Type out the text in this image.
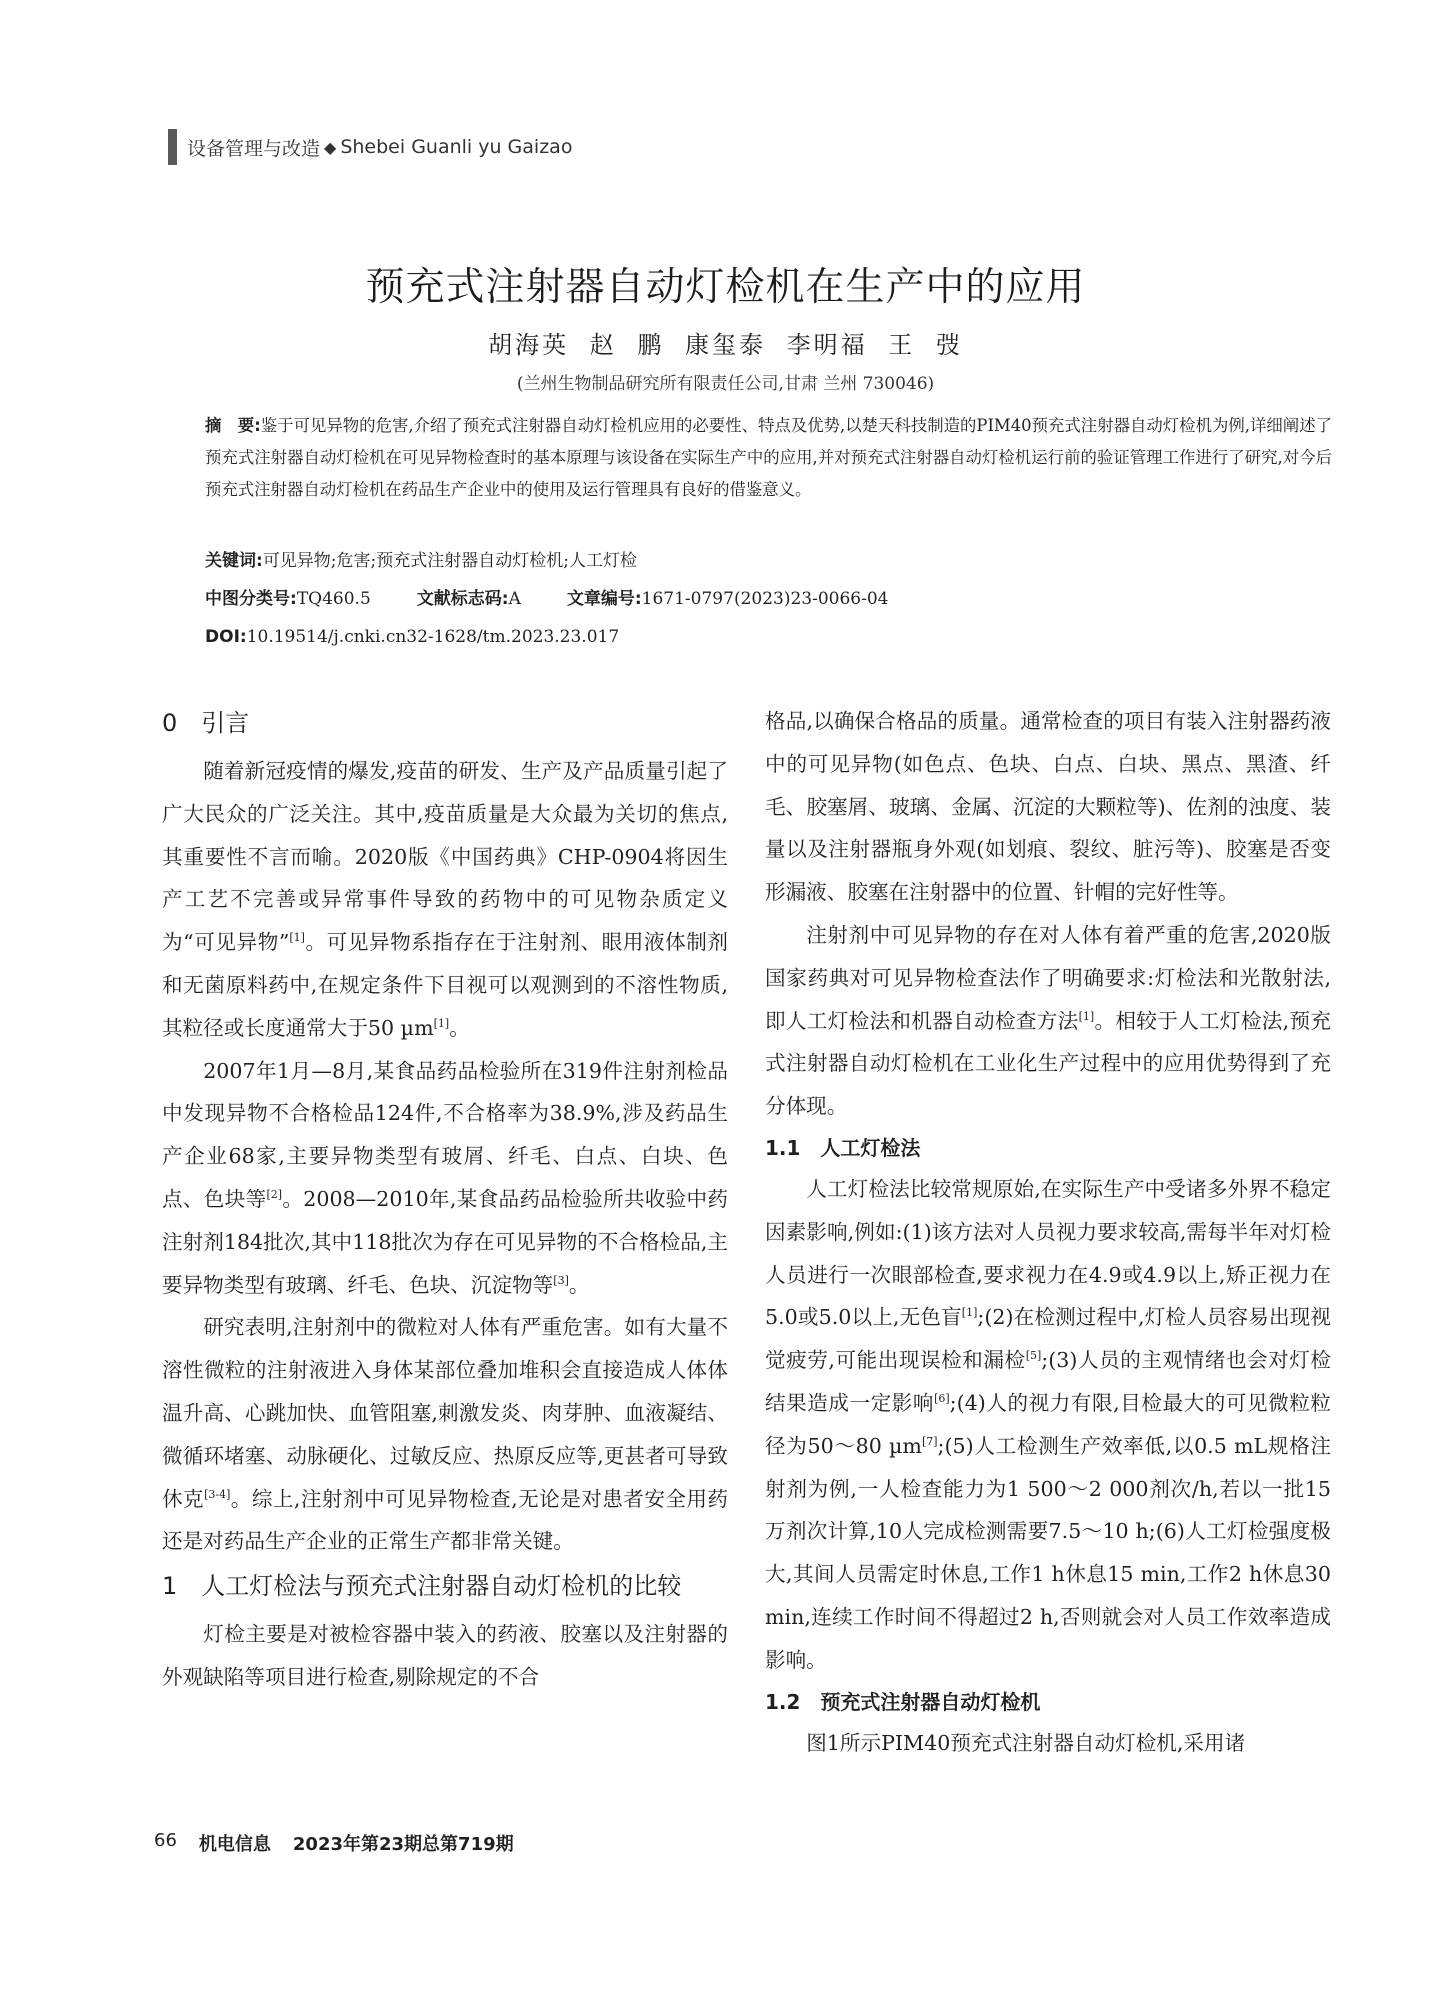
设备管理与改造 ◆ Shebei Guanli yu Gaizao
预充式注射器自动灯检机在生产中的应用
胡海英 赵 鹏 康玺泰 李明福 王 弢
(兰州生物制品研究所有限责任公司,甘肃 兰州 730046)
摘　要:鉴于可见异物的危害,介绍了预充式注射器自动灯检机应用的必要性、特点及优势,以楚天科技制造的PIM40预充式注射器自动灯检机为例,详细阐述了预充式注射器自动灯检机在可见异物检查时的基本原理与该设备在实际生产中的应用,并对预充式注射器自动灯检机运行前的验证管理工作进行了研究,对今后预充式注射器自动灯检机在药品生产企业中的使用及运行管理具有良好的借鉴意义。
关键词:可见异物;危害;预充式注射器自动灯检机;人工灯检
中图分类号:TQ460.5	文献标志码:A	文章编号:1671-0797(2023)23-0066-04
DOI:10.19514/j.cnki.cn32-1628/tm.2023.23.017
0　引言

随着新冠疫情的爆发,疫苗的研发、生产及产品质量引起了广大民众的广泛关注。其中,疫苗质量是大众最为关切的焦点,其重要性不言而喻。2020版《中国药典》CHP-0904将因生产工艺不完善或异常事件导致的药物中的可见物杂质定义为“可见异物”[1]。可见异物系指存在于注射剂、眼用液体制剂和无菌原料药中,在规定条件下目视可以观测到的不溶性物质,其粒径或长度通常大于50 µm[1]。

2007年1月—8月,某食品药品检验所在319件注射剂检品中发现异物不合格检品124件,不合格率为38.9%,涉及药品生产企业68家,主要异物类型有玻屑、纤毛、白点、白块、色点、色块等[2]。2008—2010年,某食品药品检验所共收验中药注射剂184批次,其中118批次为存在可见异物的不合格检品,主要异物类型有玻璃、纤毛、色块、沉淀物等[3]。

研究表明,注射剂中的微粒对人体有严重危害。如有大量不溶性微粒的注射液进入身体某部位叠加堆积会直接造成人体体温升高、心跳加快、血管阻塞,刺激发炎、肉芽肿、血液凝结、微循环堵塞、动脉硬化、过敏反应、热原反应等,更甚者可导致休克[3-4]。综上,注射剂中可见异物检查,无论是对患者安全用药还是对药品生产企业的正常生产都非常关键。

1　人工灯检法与预充式注射器自动灯检机的比较

灯检主要是对被检容器中装入的药液、胶塞以及注射器的外观缺陷等项目进行检查,剔除规定的不合

格品,以确保合格品的质量。通常检查的项目有装入注射器药液中的可见异物(如色点、色块、白点、白块、黑点、黑渣、纤毛、胶塞屑、玻璃、金属、沉淀的大颗粒等)、佐剂的浊度、装量以及注射器瓶身外观(如划痕、裂纹、脏污等)、胶塞是否变形漏液、胶塞在注射器中的位置、针帽的完好性等。

注射剂中可见异物的存在对人体有着严重的危害,2020版国家药典对可见异物检查法作了明确要求:灯检法和光散射法,即人工灯检法和机器自动检查方法[1]。相较于人工灯检法,预充式注射器自动灯检机在工业化生产过程中的应用优势得到了充分体现。

1.1　人工灯检法

人工灯检法比较常规原始,在实际生产中受诸多外界不稳定因素影响,例如:(1)该方法对人员视力要求较高,需每半年对灯检人员进行一次眼部检查,要求视力在4.9或4.9以上,矫正视力在5.0或5.0以上,无色盲[1];(2)在检测过程中,灯检人员容易出现视觉疲劳,可能出现误检和漏检[5];(3)人员的主观情绪也会对灯检结果造成一定影响[6];(4)人的视力有限,目检最大的可见微粒粒径为50～80 µm[7];(5)人工检测生产效率低,以0.5 mL规格注射剂为例,一人检查能力为1 500～2 000剂次/h,若以一批15万剂次计算,10人完成检测需要7.5～10 h;(6)人工灯检强度极大,其间人员需定时休息,工作1 h休息15 min,工作2 h休息30 min,连续工作时间不得超过2 h,否则就会对人员工作效率造成影响。

1.2　预充式注射器自动灯检机

图1所示PIM40预充式注射器自动灯检机,采用诸

66 机电信息 2023年第23期总第719期
